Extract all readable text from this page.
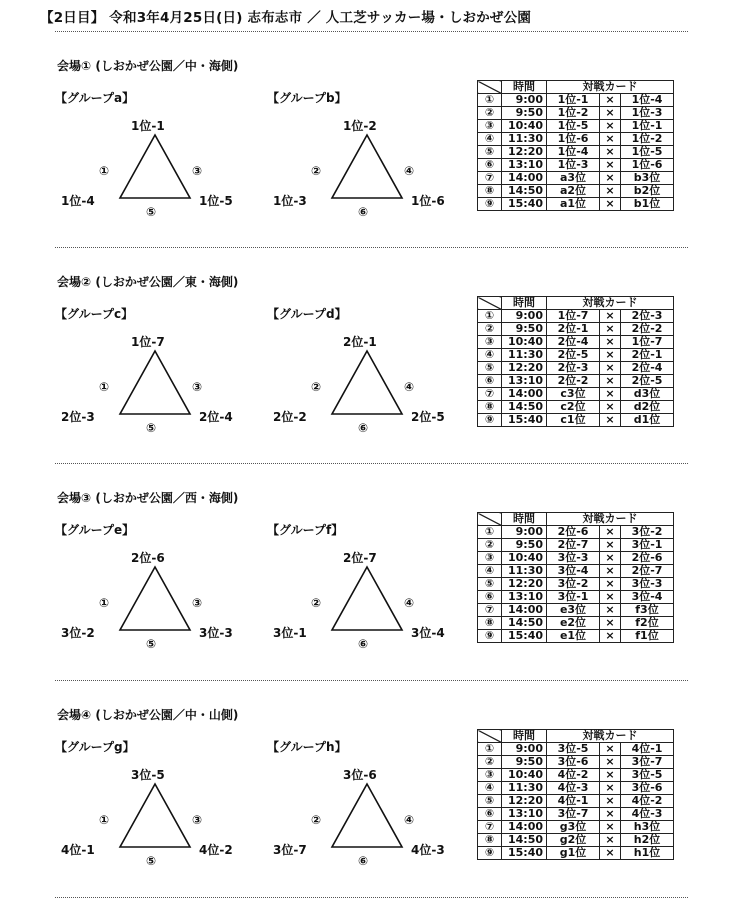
【2日目】 令和3年4月25日(日) 志布志市 ／ 人工芝サッカー場・しおかぜ公園
会場① (しおかぜ公園／中・海側)
【グループa】
1位-1
1位-4	1位-5
①	③
⑤
【グループb】
1位-2
1位-3	1位-6
②	④
⑥
	時間	対戦カード		
①	9:00	1位-1	×	1位-4
②	9:50	1位-2	×	1位-3
③	10:40	1位-5	×	1位-1
④	11:30	1位-6	×	1位-2
⑤	12:20	1位-4	×	1位-5
⑥	13:10	1位-3	×	1位-6
⑦	14:00	a3位	×	b3位
⑧	14:50	a2位	×	b2位
⑨	15:40	a1位	×	b1位
会場② (しおかぜ公園／東・海側)
【グループc】
1位-7
2位-3	2位-4
①	③
⑤
【グループd】
2位-1
2位-2	2位-5
②	④
⑥
	時間	対戦カード		
①	9:00	1位-7	×	2位-3
②	9:50	2位-1	×	2位-2
③	10:40	2位-4	×	1位-7
④	11:30	2位-5	×	2位-1
⑤	12:20	2位-3	×	2位-4
⑥	13:10	2位-2	×	2位-5
⑦	14:00	c3位	×	d3位
⑧	14:50	c2位	×	d2位
⑨	15:40	c1位	×	d1位
会場③ (しおかぜ公園／西・海側)
【グループe】
2位-6
3位-2	3位-3
①	③
⑤
【グループf】
2位-7
3位-1	3位-4
②	④
⑥
	時間	対戦カード		
①	9:00	2位-6	×	3位-2
②	9:50	2位-7	×	3位-1
③	10:40	3位-3	×	2位-6
④	11:30	3位-4	×	2位-7
⑤	12:20	3位-2	×	3位-3
⑥	13:10	3位-1	×	3位-4
⑦	14:00	e3位	×	f3位
⑧	14:50	e2位	×	f2位
⑨	15:40	e1位	×	f1位
会場④ (しおかぜ公園／中・山側)
【グループg】
3位-5
4位-1	4位-2
①	③
⑤
【グループh】
3位-6
3位-7	4位-3
②	④
⑥
	時間	対戦カード		
①	9:00	3位-5	×	4位-1
②	9:50	3位-6	×	3位-7
③	10:40	4位-2	×	3位-5
④	11:30	4位-3	×	3位-6
⑤	12:20	4位-1	×	4位-2
⑥	13:10	3位-7	×	4位-3
⑦	14:00	g3位	×	h3位
⑧	14:50	g2位	×	h2位
⑨	15:40	g1位	×	h1位
